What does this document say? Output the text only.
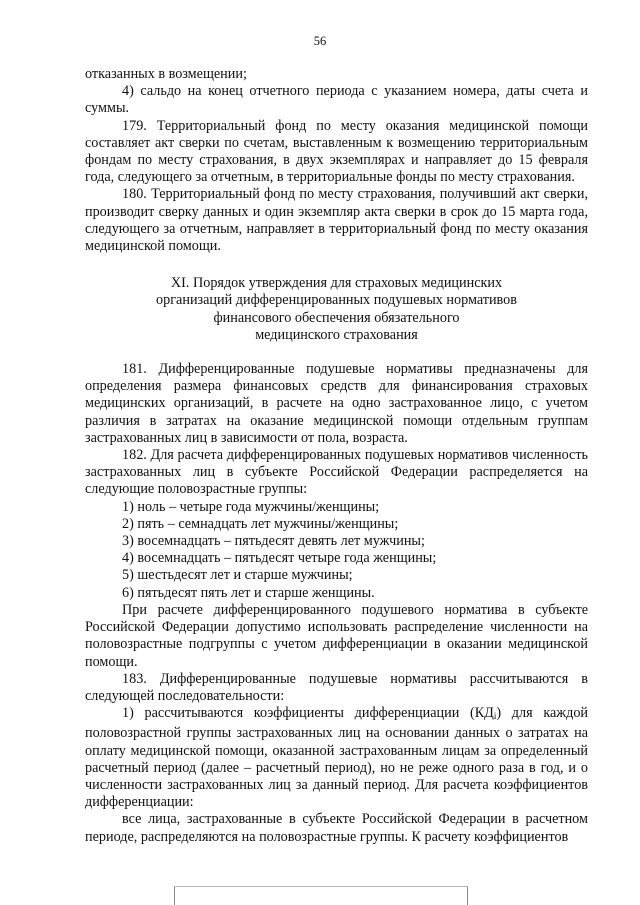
56

отказанных в возмещении;

4) сальдо на конец отчетного периода с указанием номера, даты счета и суммы.

179. Территориальный фонд по месту оказания медицинской помощи составляет акт сверки по счетам, выставленным к возмещению территориальным фондам по месту страхования, в двух экземплярах и направляет до 15 февраля года, следующего за отчетным, в территориальные фонды по месту страхования.

180. Территориальный фонд по месту страхования, получивший акт сверки, производит сверку данных и один экземпляр акта сверки в срок до 15 марта года, следующего за отчетным, направляет в территориальный фонд по месту оказания медицинской помощи.

XI. Порядок утверждения для страховых медицинских
организаций дифференцированных подушевых нормативов
финансового обеспечения обязательного
медицинского страхования

181. Дифференцированные подушевые нормативы предназначены для определения размера финансовых средств для финансирования страховых медицинских организаций, в расчете на одно застрахованное лицо, с учетом различия в затратах на оказание медицинской помощи отдельным группам застрахованных лиц в зависимости от пола, возраста.

182. Для расчета дифференцированных подушевых нормативов численность застрахованных лиц в субъекте Российской Федерации распределяется на следующие половозрастные группы:

1) ноль – четыре года мужчины/женщины;

2) пять – семнадцать лет мужчины/женщины;

3) восемнадцать – пятьдесят девять лет мужчины;

4) восемнадцать – пятьдесят четыре года женщины;

5) шестьдесят лет и старше мужчины;

6) пятьдесят пять лет и старше женщины.

При расчете дифференцированного подушевого норматива в субъекте Российской Федерации допустимо использовать распределение численности на половозрастные подгруппы с учетом дифференциации в оказании медицинской помощи.

183. Дифференцированные подушевые нормативы рассчитываются в следующей последовательности:

1) рассчитываются коэффициенты дифференциации $(КД_i)$ для каждой половозрастной группы застрахованных лиц на основании данных о затратах на оплату медицинской помощи, оказанной застрахованным лицам за определенный расчетный период (далее – расчетный период), но не реже одного раза в год, и о численности застрахованных лиц за данный период. Для расчета коэффициентов дифференциации:

все лица, застрахованные в субъекте Российской Федерации в расчетном периоде, распределяются на половозрастные группы. К расчету коэффициентов
